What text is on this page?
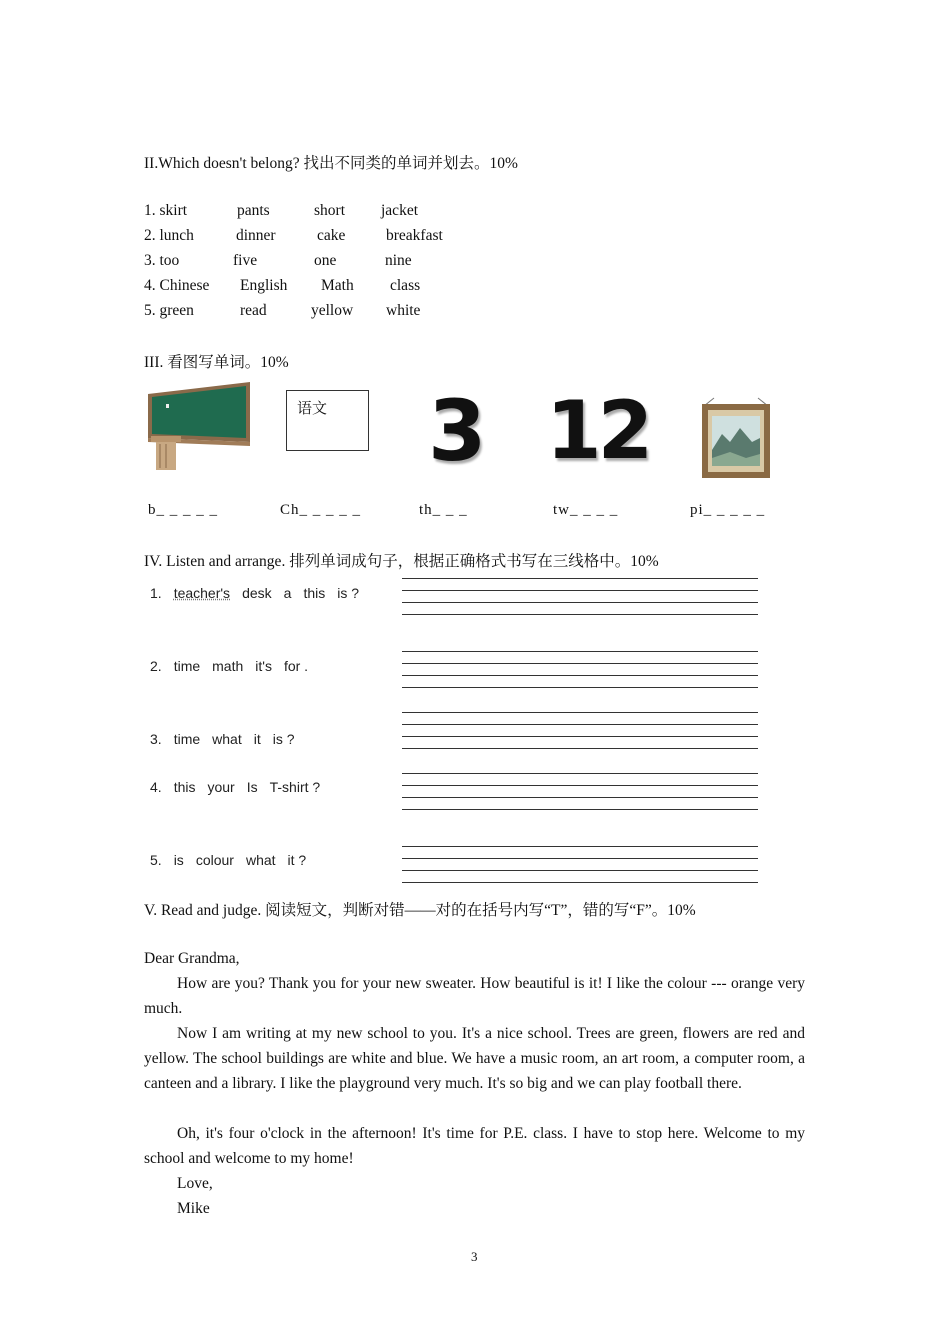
II.Which doesn't belong? 找出不同类的单词并划去。10%
1. skirt	pants	short jacket
2. lunch	dinner	cake	breakfast
3. too	five	one	nine
4. Chinese English Math class
5. green	read	yellow white
III. 看图写单词。10%
语文 3 12
b_ _ _ _ _	Ch_ _ _ _ _	th_ _ _	tw_ _ _ _	pi_ _ _ _ _
IV. Listen and arrange. 排列单词成句子，根据正确格式书写在三线格中。10%
1. teacher's desk a this is ?
2. time math it's for .
3. time what it is ?
4. this your Is T-shirt ?
5. is colour what it ?
V. Read and judge. 阅读短文，判断对错——对的在括号内写“T”，错的写“F”。10%
Dear Grandma,
How are you? Thank you for your new sweater. How beautiful is it! I like the colour --- orange very much.
Now I am writing at my new school to you. It's a nice school. Trees are green, flowers are red and yellow. The school buildings are white and blue. We have a music room, an art room, a computer room, a canteen and a library. I like the playground very much. It's so big and we can play football there.
Oh, it's four o'clock in the afternoon! It's time for P.E. class. I have to stop here. Welcome to my school and welcome to my home!
Love,
Mike
3
